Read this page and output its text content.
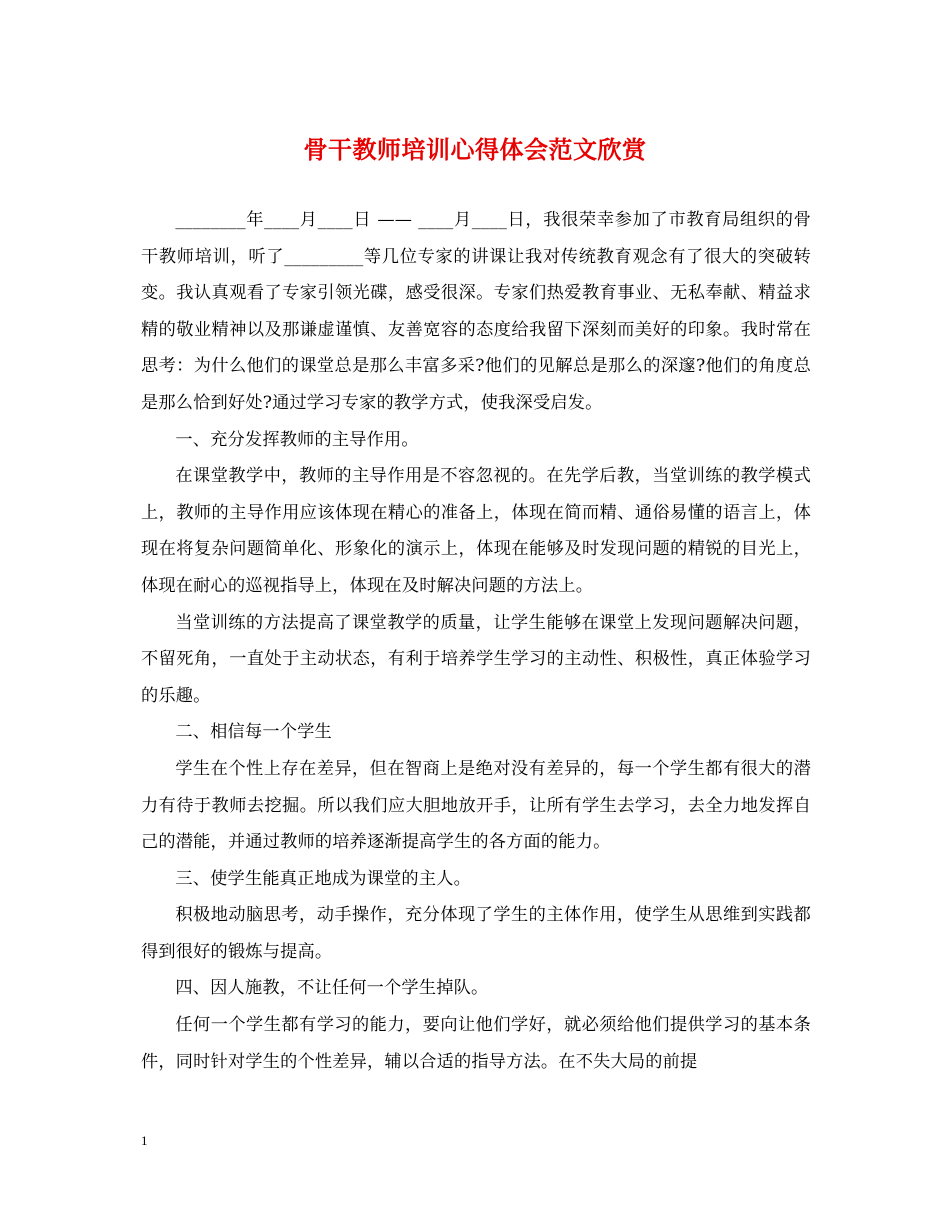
骨干教师培训心得体会范文欣赏

________年____月____日 —— ____月____日，我很荣幸参加了市教育局组织的骨干教师培训，听了_________等几位专家的讲课让我对传统教育观念有了很大的突破转变。我认真观看了专家引领光碟，感受很深。专家们热爱教育事业、无私奉献、精益求精的敬业精神以及那谦虚谨慎、友善宽容的态度给我留下深刻而美好的印象。我时常在思考：为什么他们的课堂总是那么丰富多采?他们的见解总是那么的深邃?他们的角度总是那么恰到好处?通过学习专家的教学方式，使我深受启发。

一、充分发挥教师的主导作用。

在课堂教学中，教师的主导作用是不容忽视的。在先学后教，当堂训练的教学模式上，教师的主导作用应该体现在精心的准备上，体现在简而精、通俗易懂的语言上，体现在将复杂问题简单化、形象化的演示上，体现在能够及时发现问题的精锐的目光上，体现在耐心的巡视指导上，体现在及时解决问题的方法上。

当堂训练的方法提高了课堂教学的质量，让学生能够在课堂上发现问题解决问题，不留死角，一直处于主动状态，有利于培养学生学习的主动性、积极性，真正体验学习的乐趣。

二、相信每一个学生

学生在个性上存在差异，但在智商上是绝对没有差异的，每一个学生都有很大的潜力有待于教师去挖掘。所以我们应大胆地放开手，让所有学生去学习，去全力地发挥自己的潜能，并通过教师的培养逐渐提高学生的各方面的能力。

三、使学生能真正地成为课堂的主人。

积极地动脑思考，动手操作，充分体现了学生的主体作用，使学生从思维到实践都得到很好的锻炼与提高。

四、因人施教，不让任何一个学生掉队。

任何一个学生都有学习的能力，要向让他们学好，就必须给他们提供学习的基本条件，同时针对学生的个性差异，辅以合适的指导方法。在不失大局的前提

1
